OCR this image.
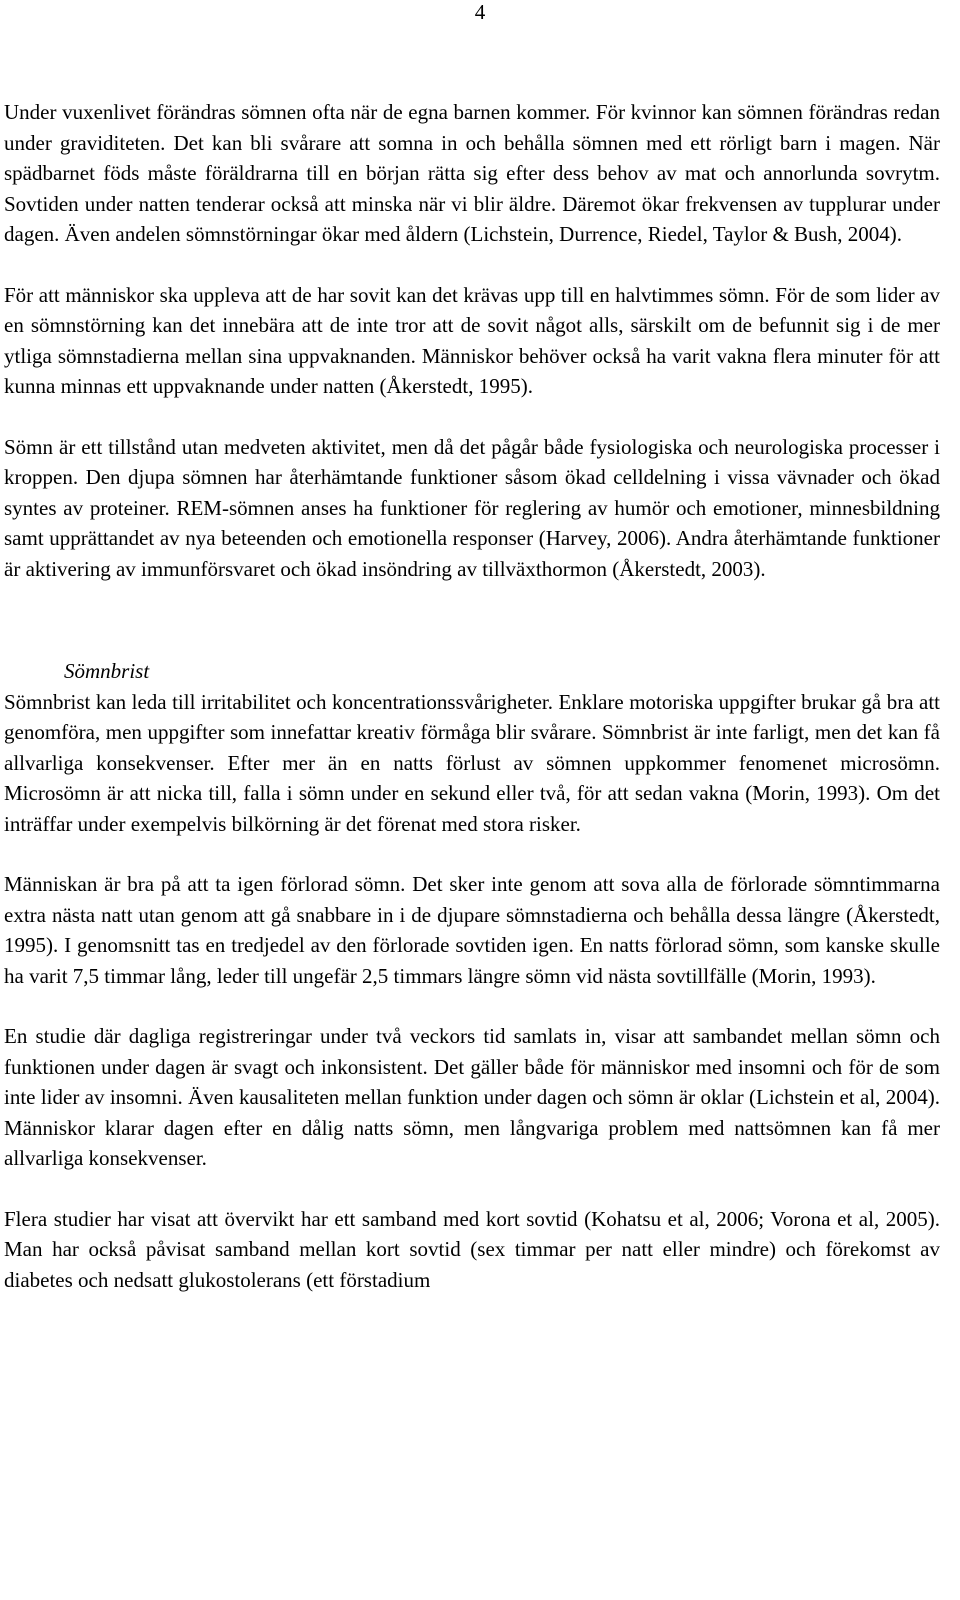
4

Under vuxenlivet förändras sömnen ofta när de egna barnen kommer. För kvinnor kan sömnen förändras redan under graviditeten. Det kan bli svårare att somna in och behålla sömnen med ett rörligt barn i magen. När spädbarnet föds måste föräldrarna till en början rätta sig efter dess behov av mat och annorlunda sovrytm. Sovtiden under natten tenderar också att minska när vi blir äldre. Däremot ökar frekvensen av tupplurar under dagen. Även andelen sömnstörningar ökar med åldern (Lichstein, Durrence, Riedel, Taylor & Bush, 2004).

För att människor ska uppleva att de har sovit kan det krävas upp till en halvtimmes sömn. För de som lider av en sömnstörning kan det innebära att de inte tror att de sovit något alls, särskilt om de befunnit sig i de mer ytliga sömnstadierna mellan sina uppvaknanden. Människor behöver också ha varit vakna flera minuter för att kunna minnas ett uppvaknande under natten (Åkerstedt, 1995).

Sömn är ett tillstånd utan medveten aktivitet, men då det pågår både fysiologiska och neurologiska processer i kroppen. Den djupa sömnen har återhämtande funktioner såsom ökad celldelning i vissa vävnader och ökad syntes av proteiner. REM-sömnen anses ha funktioner för reglering av humör och emotioner, minnesbildning samt upprättandet av nya beteenden och emotionella responser (Harvey, 2006). Andra återhämtande funktioner är aktivering av immunförsvaret och ökad insöndring av tillväxthormon (Åkerstedt, 2003).

Sömnbrist

Sömnbrist kan leda till irritabilitet och koncentrationssvårigheter. Enklare motoriska uppgifter brukar gå bra att genomföra, men uppgifter som innefattar kreativ förmåga blir svårare. Sömnbrist är inte farligt, men det kan få allvarliga konsekvenser. Efter mer än en natts förlust av sömnen uppkommer fenomenet microsömn. Microsömn är att nicka till, falla i sömn under en sekund eller två, för att sedan vakna (Morin, 1993). Om det inträffar under exempelvis bilkörning är det förenat med stora risker.

Människan är bra på att ta igen förlorad sömn. Det sker inte genom att sova alla de förlorade sömntimmarna extra nästa natt utan genom att gå snabbare in i de djupare sömnstadierna och behålla dessa längre (Åkerstedt, 1995). I genomsnitt tas en tredjedel av den förlorade sovtiden igen. En natts förlorad sömn, som kanske skulle ha varit 7,5 timmar lång, leder till ungefär 2,5 timmars längre sömn vid nästa sovtillfälle (Morin, 1993).

En studie där dagliga registreringar under två veckors tid samlats in, visar att sambandet mellan sömn och funktionen under dagen är svagt och inkonsistent. Det gäller både för människor med insomni och för de som inte lider av insomni. Även kausaliteten mellan funktion under dagen och sömn är oklar (Lichstein et al, 2004). Människor klarar dagen efter en dålig natts sömn, men långvariga problem med nattsömnen kan få mer allvarliga konsekvenser.

Flera studier har visat att övervikt har ett samband med kort sovtid (Kohatsu et al, 2006; Vorona et al, 2005). Man har också påvisat samband mellan kort sovtid (sex timmar per natt eller mindre) och förekomst av diabetes och nedsatt glukostolerans (ett förstadium
